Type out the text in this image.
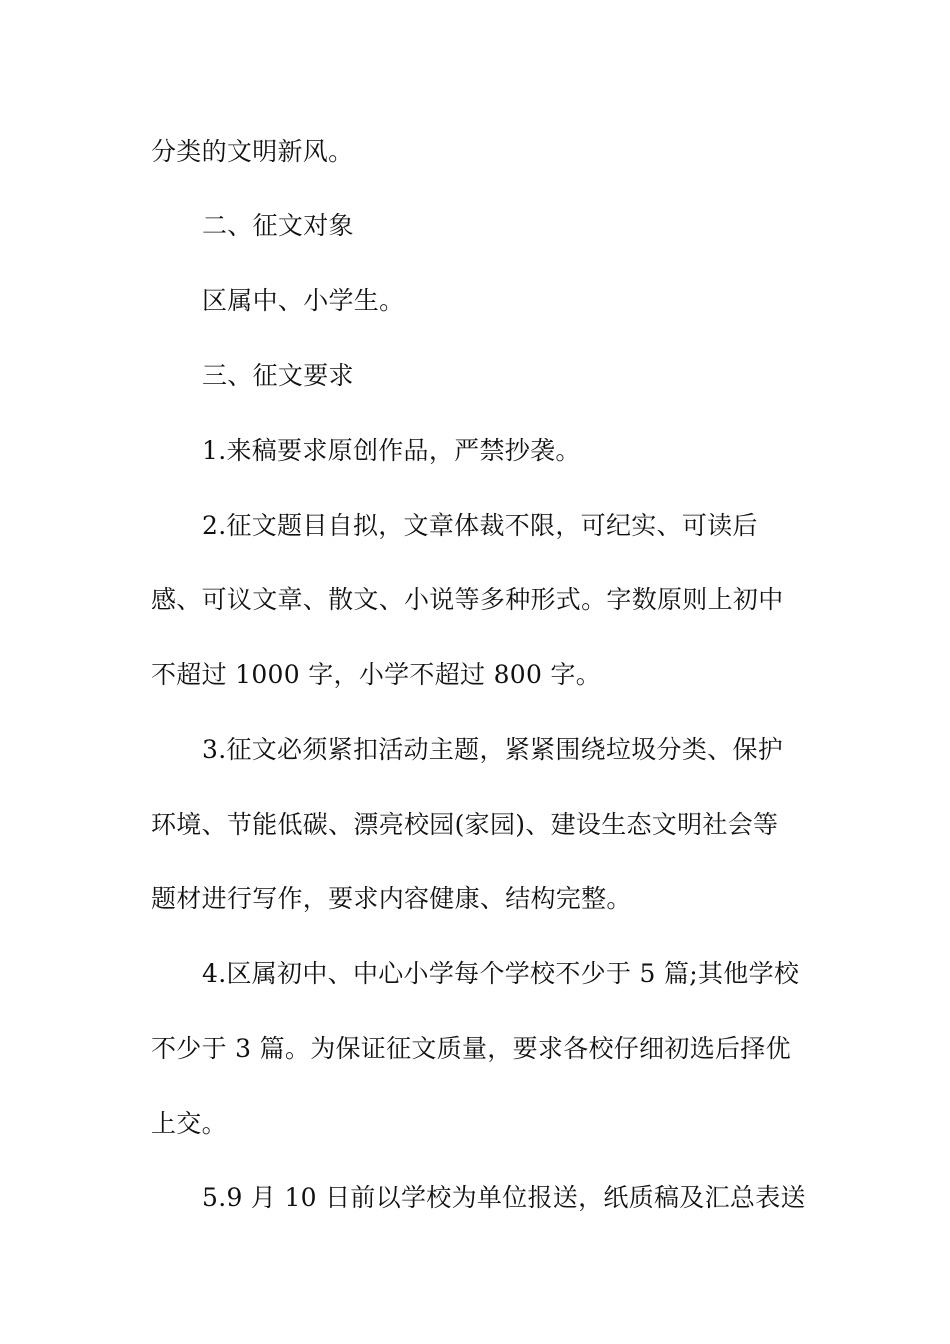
分类的文明新风。
二、征文对象
区属中、小学生。
三、征文要求
1.来稿要求原创作品，严禁抄袭。
2.征文题目自拟，文章体裁不限，可纪实、可读后
感、可议文章、散文、小说等多种形式。字数原则上初中
不超过 1000 字，小学不超过 800 字。
3.征文必须紧扣活动主题，紧紧围绕垃圾分类、保护
环境、节能低碳、漂亮校园(家园)、建设生态文明社会等
题材进行写作，要求内容健康、结构完整。
4.区属初中、中心小学每个学校不少于 5 篇;其他学校
不少于 3 篇。为保证征文质量，要求各校仔细初选后择优
上交。
5.9 月 10 日前以学校为单位报送，纸质稿及汇总表送
